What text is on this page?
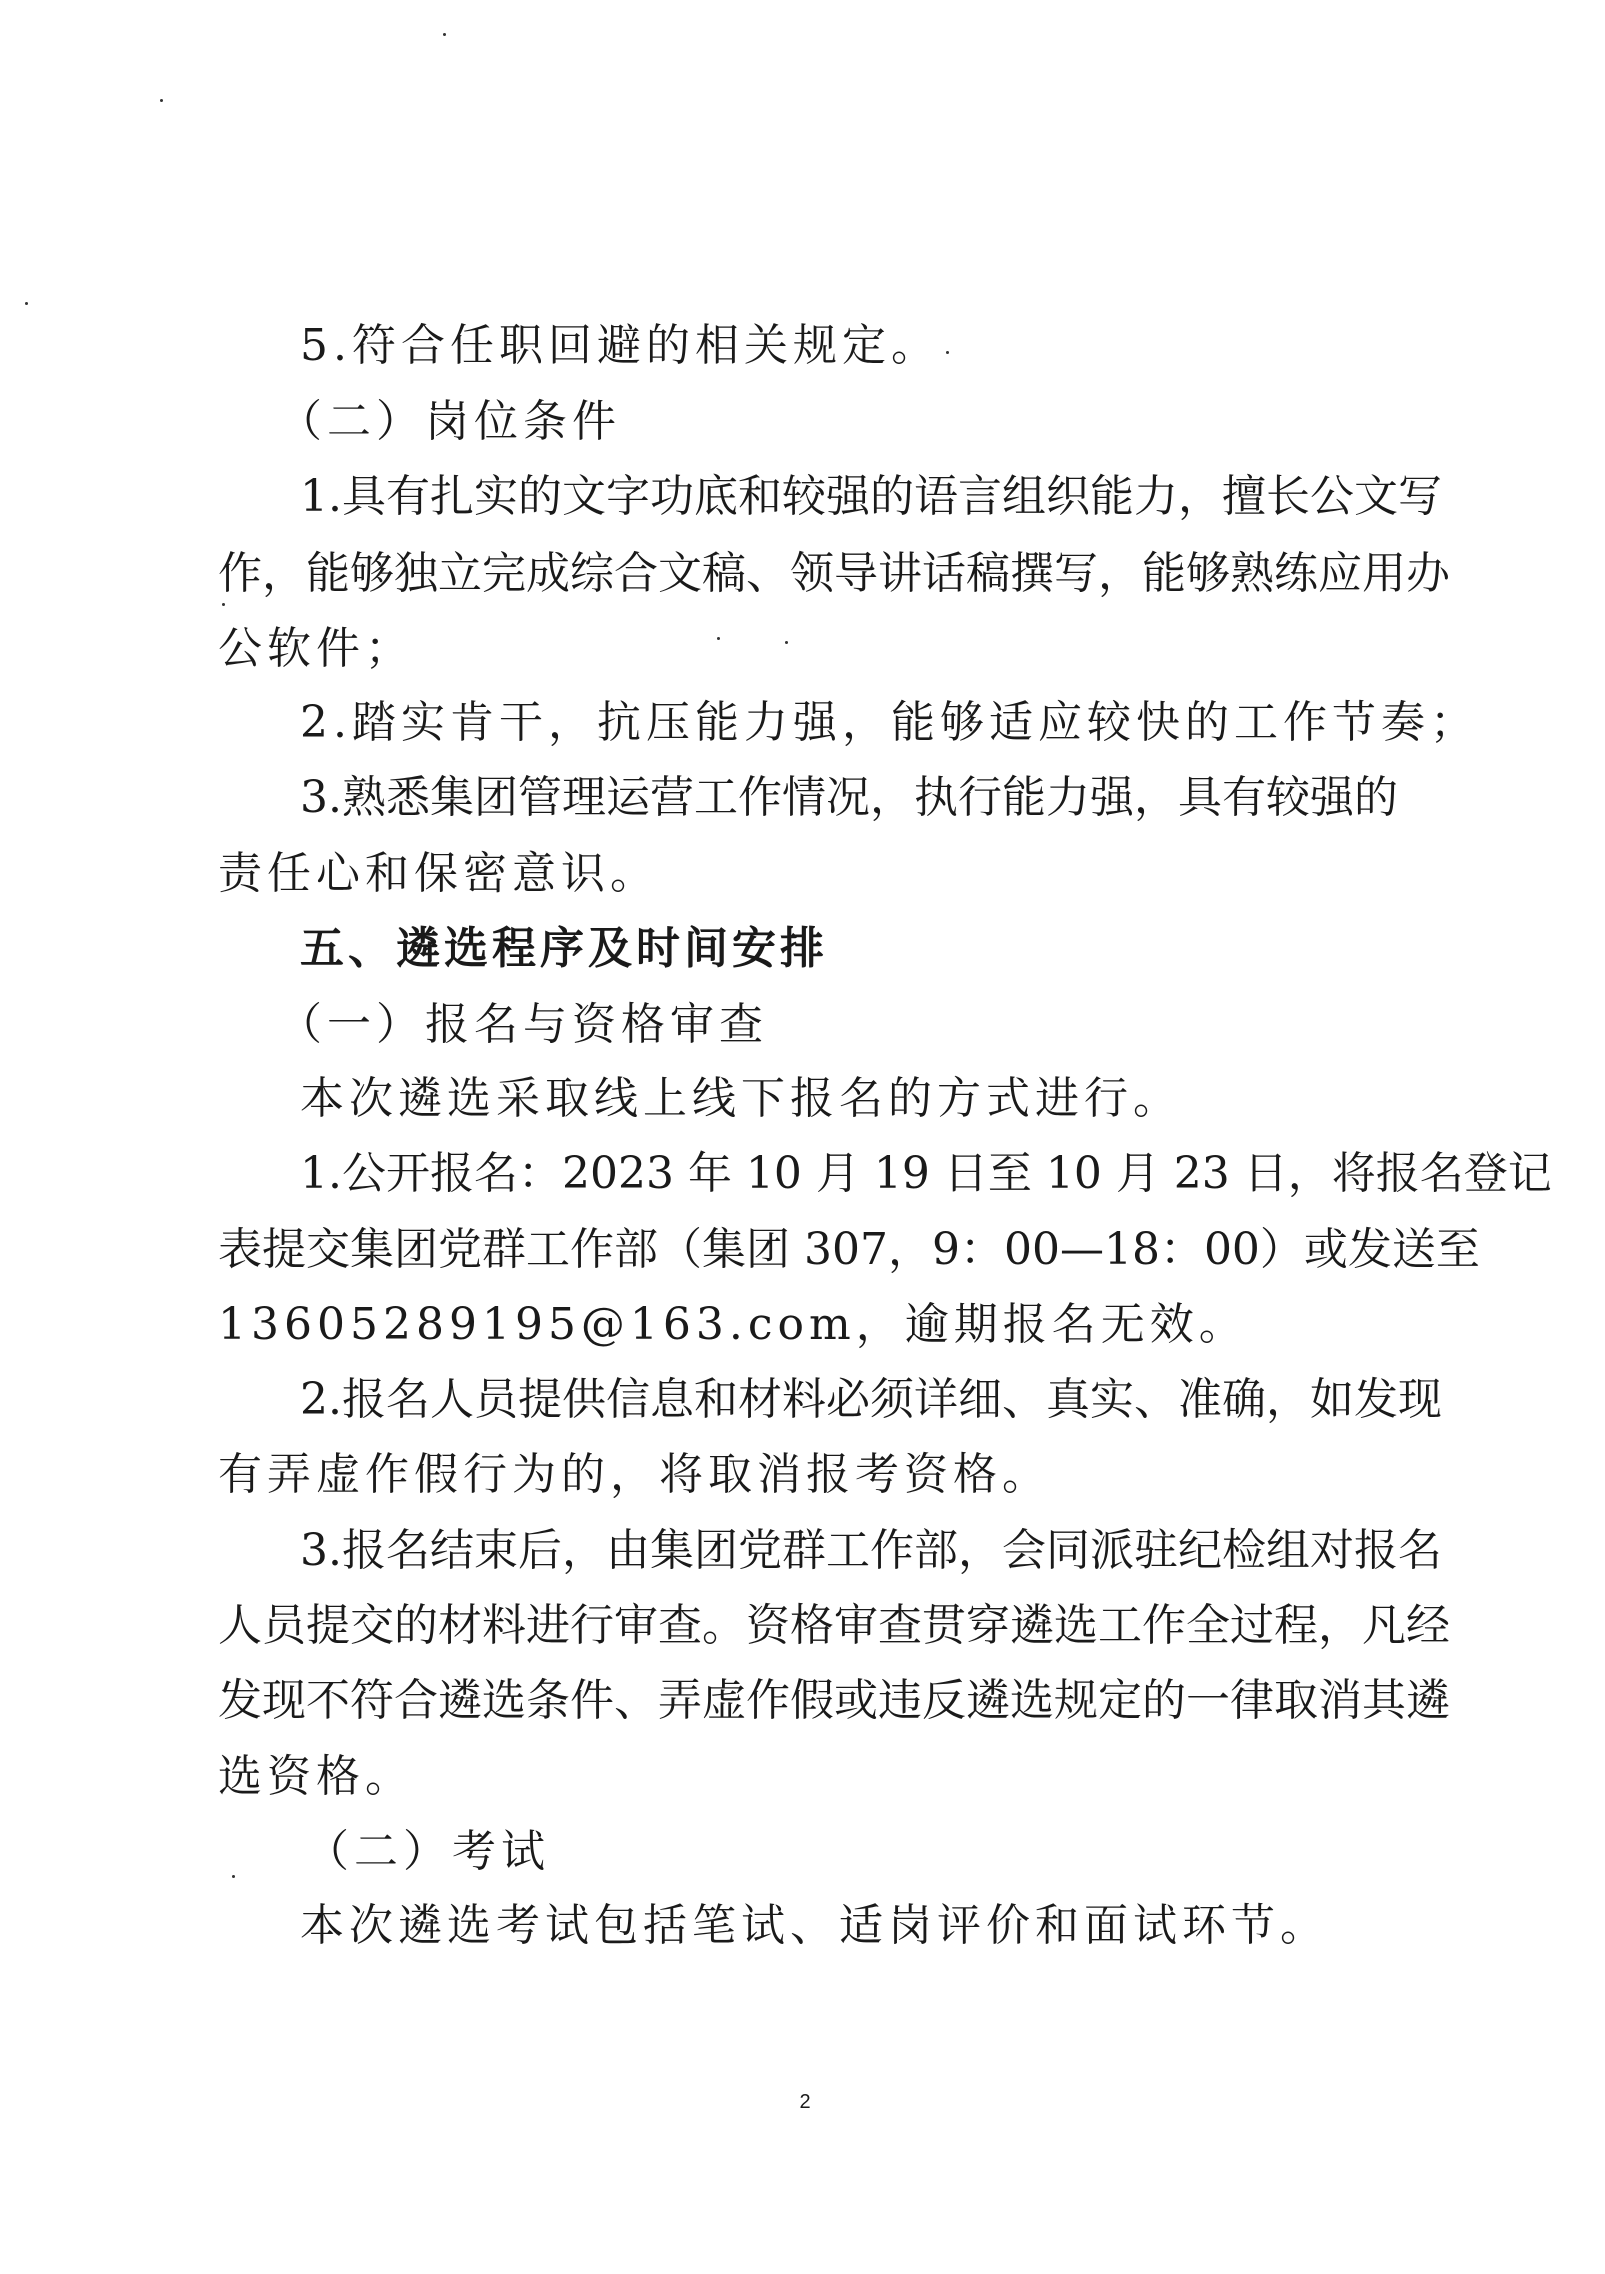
5.符合任职回避的相关规定。
（二）岗位条件
1.具有扎实的文字功底和较强的语言组织能力，擅长公文写
作，能够独立完成综合文稿、领导讲话稿撰写，能够熟练应用办
公软件；
2.踏实肯干，抗压能力强，能够适应较快的工作节奏；
3.熟悉集团管理运营工作情况，执行能力强，具有较强的
责任心和保密意识。
五、遴选程序及时间安排
（一）报名与资格审查
本次遴选采取线上线下报名的方式进行。
1.公开报名：2023 年 10 月 19 日至 10 月 23 日，将报名登记
表提交集团党群工作部（集团 307，9：00—18：00）或发送至
13605289195@163.com，逾期报名无效。
2.报名人员提供信息和材料必须详细、真实、准确，如发现
有弄虚作假行为的，将取消报考资格。
3.报名结束后，由集团党群工作部，会同派驻纪检组对报名
人员提交的材料进行审查。资格审查贯穿遴选工作全过程，凡经
发现不符合遴选条件、弄虚作假或违反遴选规定的一律取消其遴
选资格。
（二）考试
本次遴选考试包括笔试、适岗评价和面试环节。
2
